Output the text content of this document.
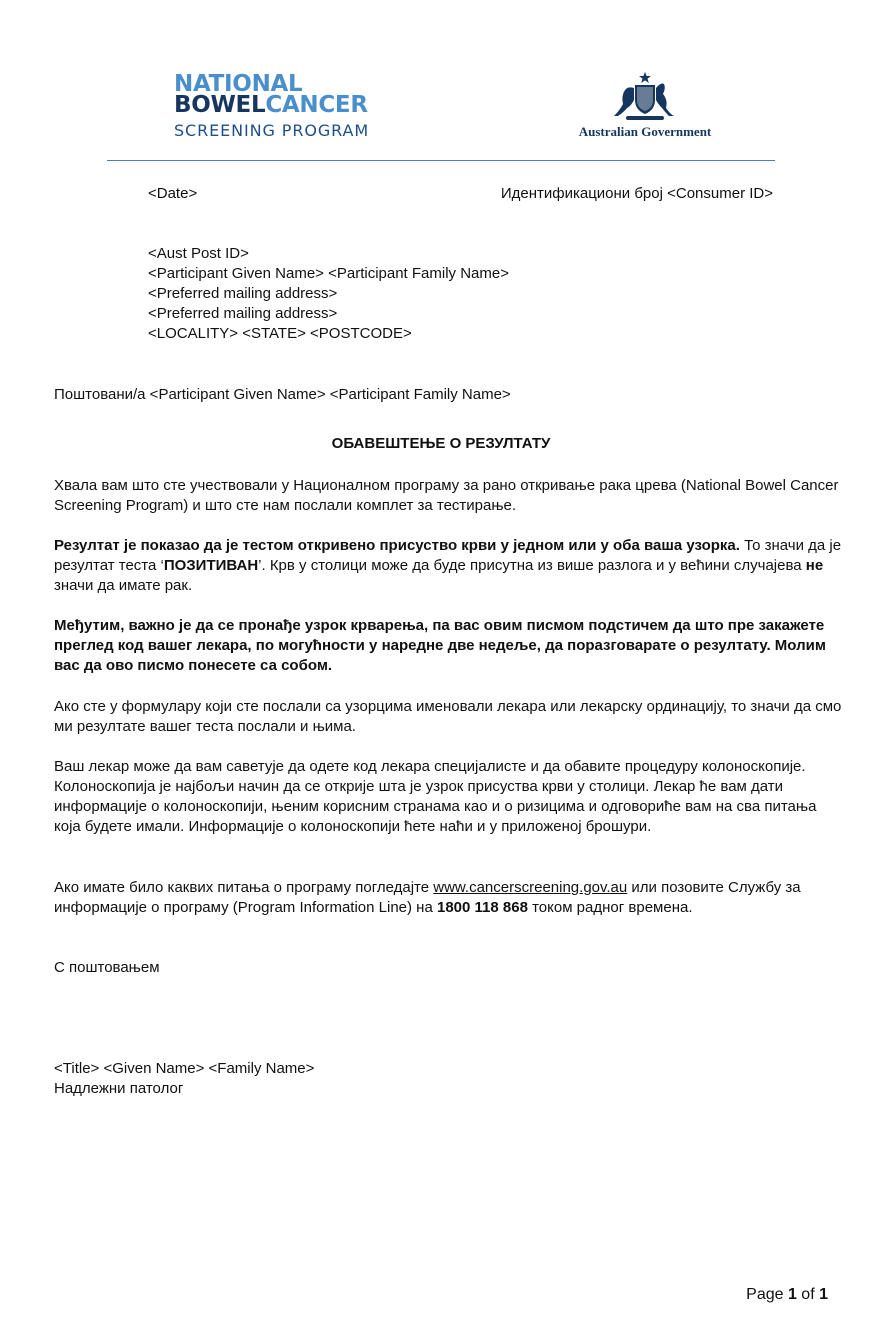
NATIONAL
BOWELCANCER
SCREENING PROGRAM	Australian Government
<Date>	Идентификациони број <Consumer ID>
<Aust Post ID>
<Participant Given Name> <Participant Family Name>
<Preferred mailing address>
<Preferred mailing address>
<LOCALITY> <STATE> <POSTCODE>
Поштовани/а <Participant Given Name> <Participant Family Name>
ОБАВЕШТЕЊЕ О РЕЗУЛТАТУ

Хвала вам што сте учествовали у Националном програму за рано откривање рака црева (National Bowel Cancer Screening Program) и што сте нам послали комплет за тестирање.

Резултат је показао да је тестом откривено присуство крви у једном или у оба ваша узорка. То значи да је резултат теста ‘ПОЗИТИВАН’. Крв у столици може да буде присутна из више разлога и у већини случајева не значи да имате рак.

Међутим, важно је да се пронађе узрок крварења, па вас овим писмом подстичем да што пре закажете преглед код вашег лекара, по могућности у наредне две недеље, да поразговарате о резултату. Молим вас да ово писмо понесете са собом.

Ако сте у формулару који сте послали са узорцима именовали лекара или лекарску ординацију, то значи да смо ми резултате вашег теста послали и њима.

Ваш лекар може да вам саветује да одете код лекара специјалисте и да обавите процедуру колоноскопије. Колоноскопија је најбољи начин да се открије шта је узрок присуства крви у столици. Лекар ће вам дати информације о колоноскопији, њеним корисним странама као и о ризицима и одговориће вам на сва питања која будете имали. Информације о колоноскопији ћете наћи и у приложеној брошури.

Ако имате било каквих питања о програму погледајте www.cancerscreening.gov.au или позовите Службу за информације о програму (Program Information Line) на 1800 118 868 током радног времена.

С поштовањем
<Title> <Given Name> <Family Name>
Надлежни патолог
Page 1 of 1
